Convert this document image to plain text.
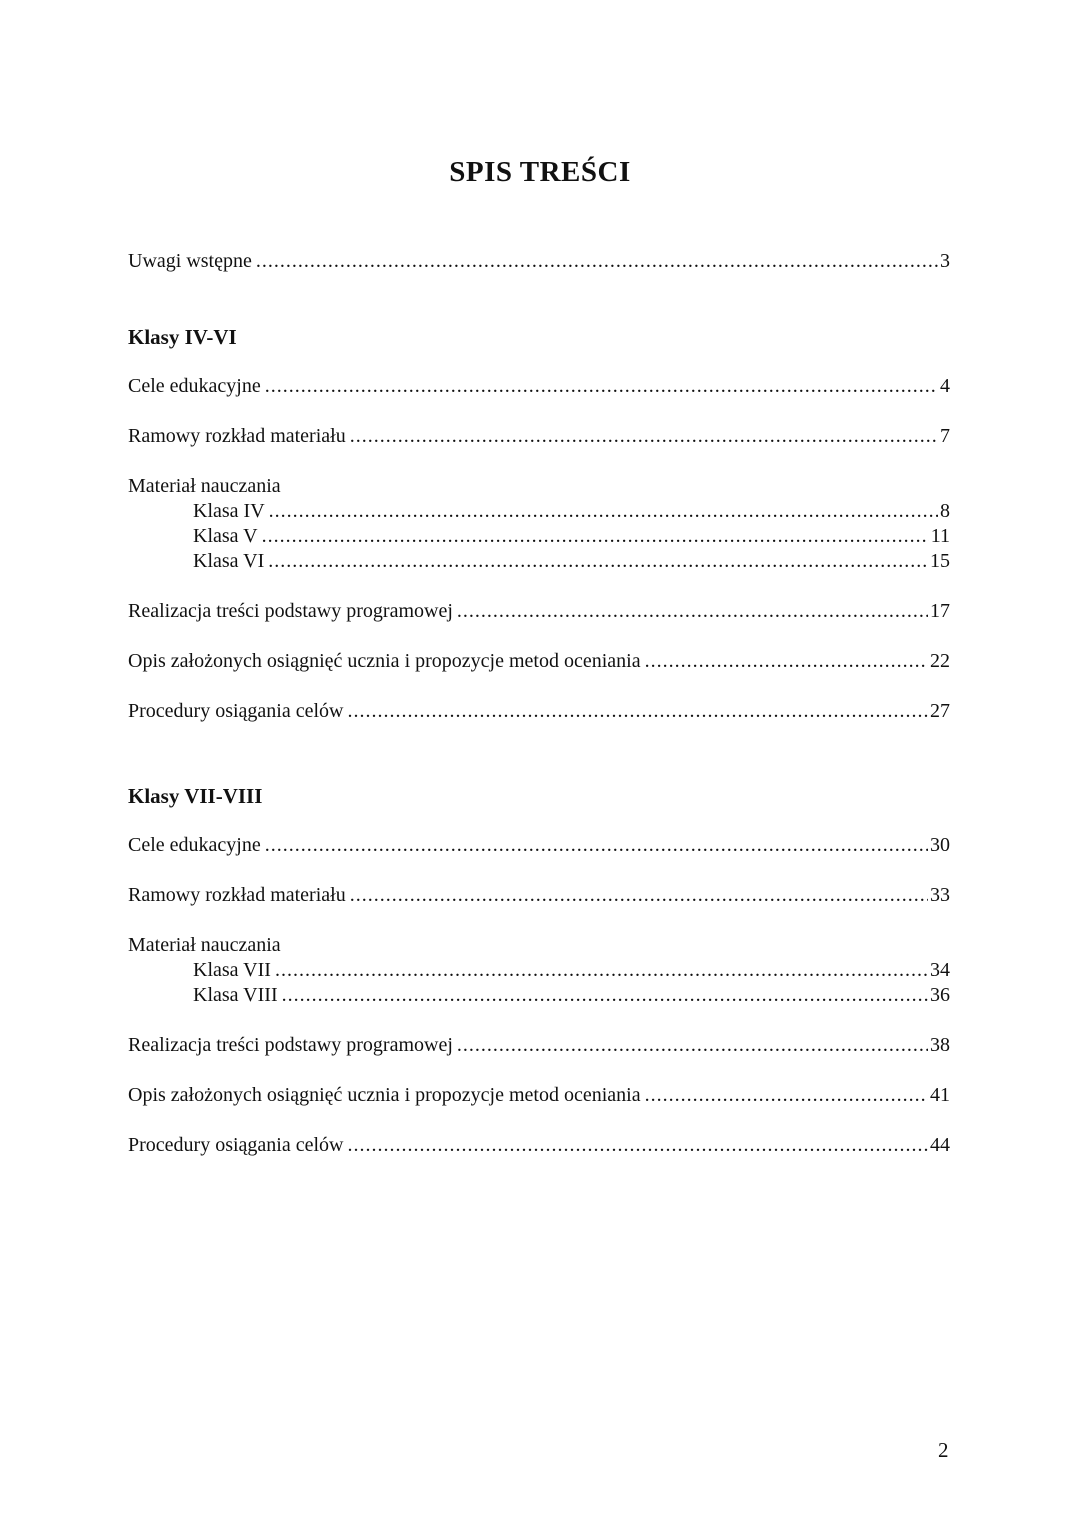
SPIS TREŚCI
Uwagi wstępne .....	3
Klasy IV-VI
Cele edukacyjne .....	4
Ramowy rozkład materiału .....	7
Materiał nauczania
Klasa IV .....	8
Klasa V .....	11
Klasa VI .....	15
Realizacja treści podstawy programowej .....	17
Opis założonych osiągnięć ucznia i propozycje metod oceniania .....	22
Procedury osiągania celów .....	27
Klasy VII-VIII
Cele edukacyjne .....	30
Ramowy rozkład materiału .....	33
Materiał nauczania
Klasa VII .....	34
Klasa VIII .....	36
Realizacja treści podstawy programowej .....	38
Opis założonych osiągnięć ucznia i propozycje metod oceniania .....	41
Procedury osiągania celów .....	44
2
